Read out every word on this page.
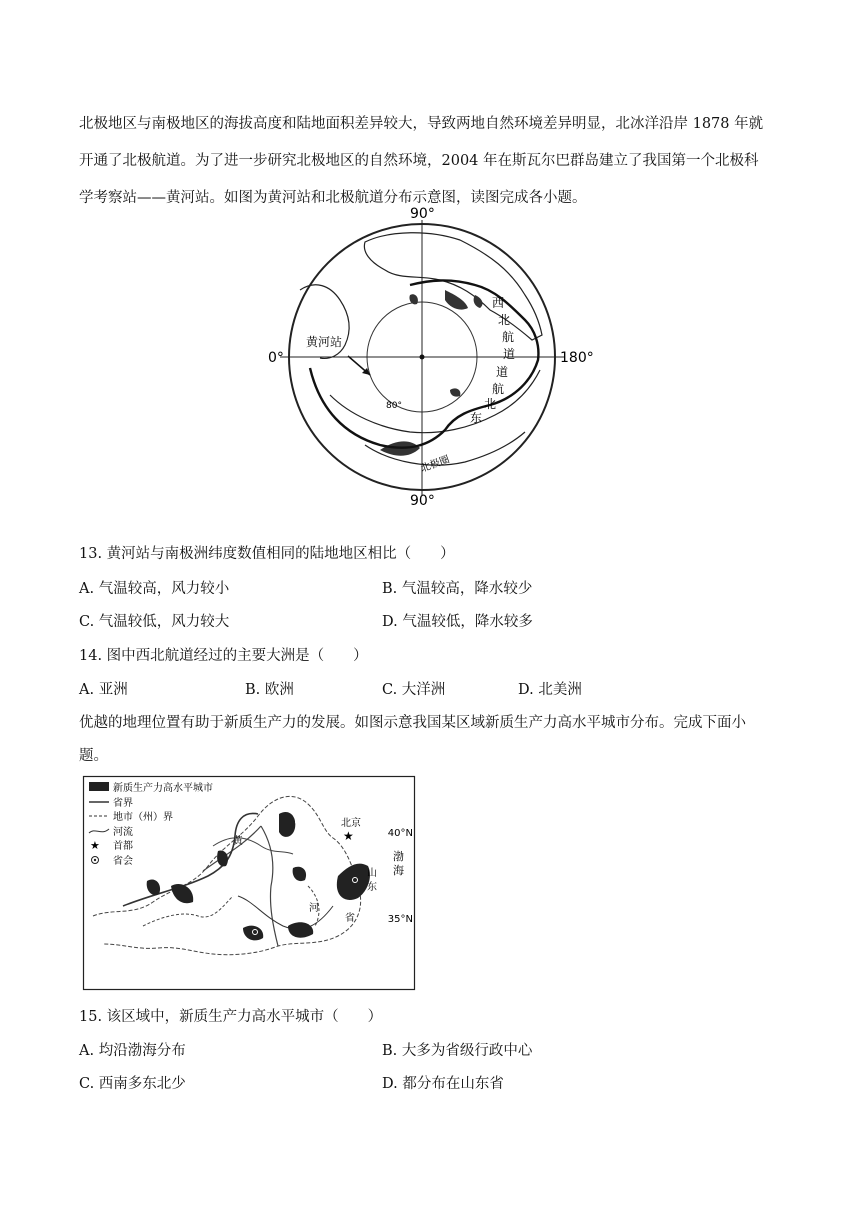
北极地区与南极地区的海拔高度和陆地面积差异较大，导致两地自然环境差异明显，北冰洋沿岸 1878 年就
开通了北极航道。为了进一步研究北极地区的自然环境，2004 年在斯瓦尔巴群岛建立了我国第一个北极科
学考察站——黄河站。如图为黄河站和北极航道分布示意图，读图完成各小题。
90°
90°
0°	180°
黄河站
80°
北极圈
西
北
航
道
道
航
北
东
13. 黄河站与南极洲纬度数值相同的陆地地区相比（　　）
A. 气温较高，风力较小	B. 气温较高，降水较少
C. 气温较低，风力较大	D. 气温较低，降水较多
14. 图中西北航道经过的主要大洲是（　　）
A. 亚洲	B. 欧洲	C. 大洋洲	D. 北美洲
优越的地理位置有助于新质生产力的发展。如图示意我国某区域新质生产力高水平城市分布。完成下面小
题。
新质生产力高水平城市
省界
地市（州）界
河流
★ 首都
省会
北京
★
渤
海
山
东
省
黄
河
40°N
35°N
15. 该区域中，新质生产力高水平城市（　　）
A. 均沿渤海分布	B. 大多为省级行政中心
C. 西南多东北少	D. 都分布在山东省
